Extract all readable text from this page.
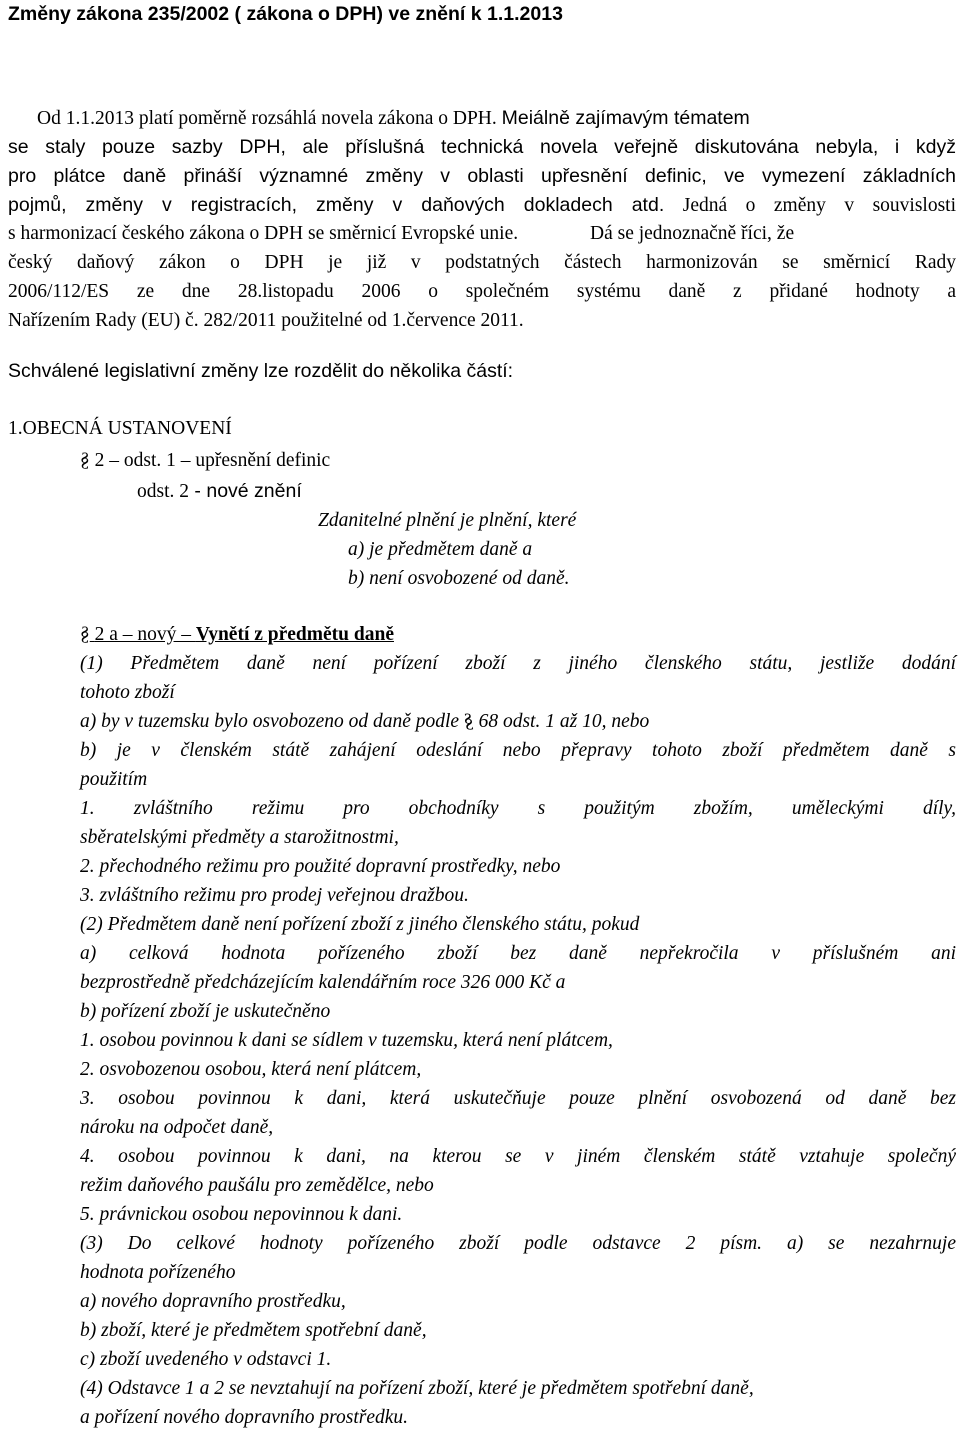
Změny zákona 235/2002 ( zákona o DPH) ve znění k 1.1.2013
Od 1.1.2013 platí poměrně rozsáhlá novela zákona o DPH. Meiálně zajímavým tématem
se staly pouze sazby DPH, ale příslušná technická novela veřejně diskutována nebyla, i když
pro plátce daně přináší významné změny v oblasti upřesnění definic, ve vymezení základních
pojmů, změny v registracích, změny v daňových dokladech atd. Jedná o změny v souvislosti
s harmonizací českého zákona o DPH se směrnicí Evropské unie.	Dá se jednoznačně říci, že
český daňový zákon o DPH je již v podstatných částech harmonizován se směrnicí Rady
2006/112/ES ze dne 28.listopadu 2006 o společném systému daně z přidané hodnoty a
Nařízením Rady (EU) č. 282/2011 použitelné od 1.července 2011.
Schválené legislativní změny lze rozdělit do několika částí:
1.OBECNÁ USTANOVENÍ
§ 2 – odst. 1 – upřesnění definic
odst. 2 - nové znění
Zdanitelné plnění je plnění, které
a) je předmětem daně a
b) není osvobozené od daně.
§ 2 a – nový – Vynětí z předmětu daně
(1) Předmětem daně není pořízení zboží z jiného členského státu, jestliže dodání
tohoto zboží
a) by v tuzemsku bylo osvobozeno od daně podle § 68 odst. 1 až 10, nebo
b) je v členském státě zahájení odeslání nebo přepravy tohoto zboží předmětem daně s
použitím
1. zvláštního režimu pro obchodníky s použitým zbožím, uměleckými díly,
sběratelskými předměty a starožitnostmi,
2. přechodného režimu pro použité dopravní prostředky, nebo
3. zvláštního režimu pro prodej veřejnou dražbou.
(2) Předmětem daně není pořízení zboží z jiného členského státu, pokud
a) celková hodnota pořízeného zboží bez daně nepřekročila v příslušném ani
bezprostředně předcházejícím kalendářním roce 326 000 Kč a
b) pořízení zboží je uskutečněno
1. osobou povinnou k dani se sídlem v tuzemsku, která není plátcem,
2. osvobozenou osobou, která není plátcem,
3. osobou povinnou k dani, která uskutečňuje pouze plnění osvobozená od daně bez
nároku na odpočet daně,
4. osobou povinnou k dani, na kterou se v jiném členském státě vztahuje společný
režim daňového paušálu pro zemědělce, nebo
5. právnickou osobou nepovinnou k dani.
(3) Do celkové hodnoty pořízeného zboží podle odstavce 2 písm. a) se nezahrnuje
hodnota pořízeného
a) nového dopravního prostředku,
b) zboží, které je předmětem spotřební daně,
c) zboží uvedeného v odstavci 1.
(4) Odstavce 1 a 2 se nevztahují na pořízení zboží, které je předmětem spotřební daně,
a pořízení nového dopravního prostředku.
